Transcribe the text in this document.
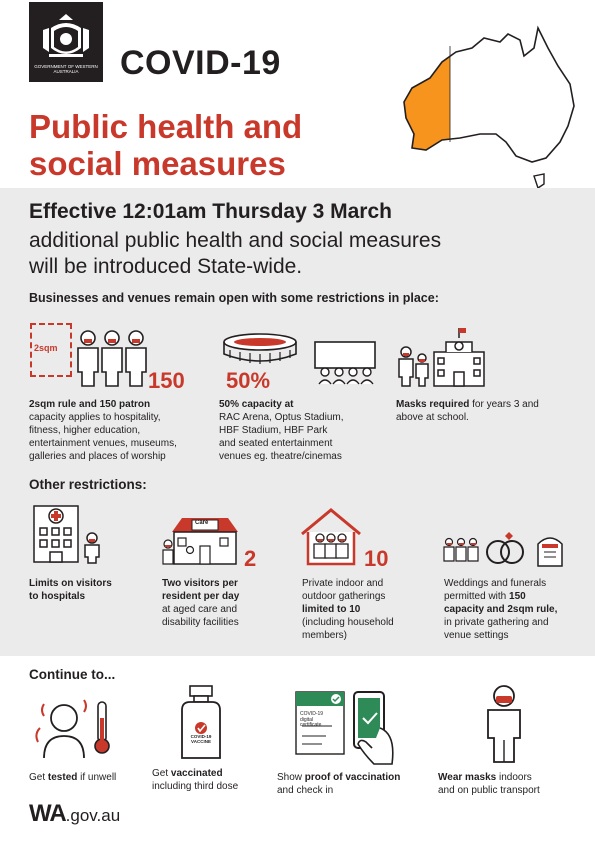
GOVERNMENT OF WESTERN AUSTRALIA	COVID-19
Public health and
social measures
Effective 12:01am Thursday 3 March
additional public health and social measures
will be introduced State-wide.
Businesses and venues remain open with some restrictions in place:
2sqm
150
2sqm rule and 150 patron
capacity applies to hospitality,
fitness, higher education,
entertainment venues, museums,
galleries and places of worship
50%
50% capacity at
RAC Arena, Optus Stadium,
HBF Stadium, HBF Park
and seated entertainment
venues eg. theatre/cinemas
Masks required for years 3 and
above at school.
Other restrictions:
Limits on visitors
to hospitals
Care
2
Two visitors per
resident per day
at aged care and
disability facilities
10
Private indoor and
outdoor gatherings
limited to 10
(including household
members)
Weddings and funerals
permitted with 150
capacity and 2sqm rule,
in private gathering and
venue settings
Continue to...
Get tested if unwell
COVID-19 VACCINE
Get vaccinated
including third dose
COVID-19 digital certificate
Show proof of vaccination
and check in
Wear masks indoors
and on public transport
WA.gov.au
